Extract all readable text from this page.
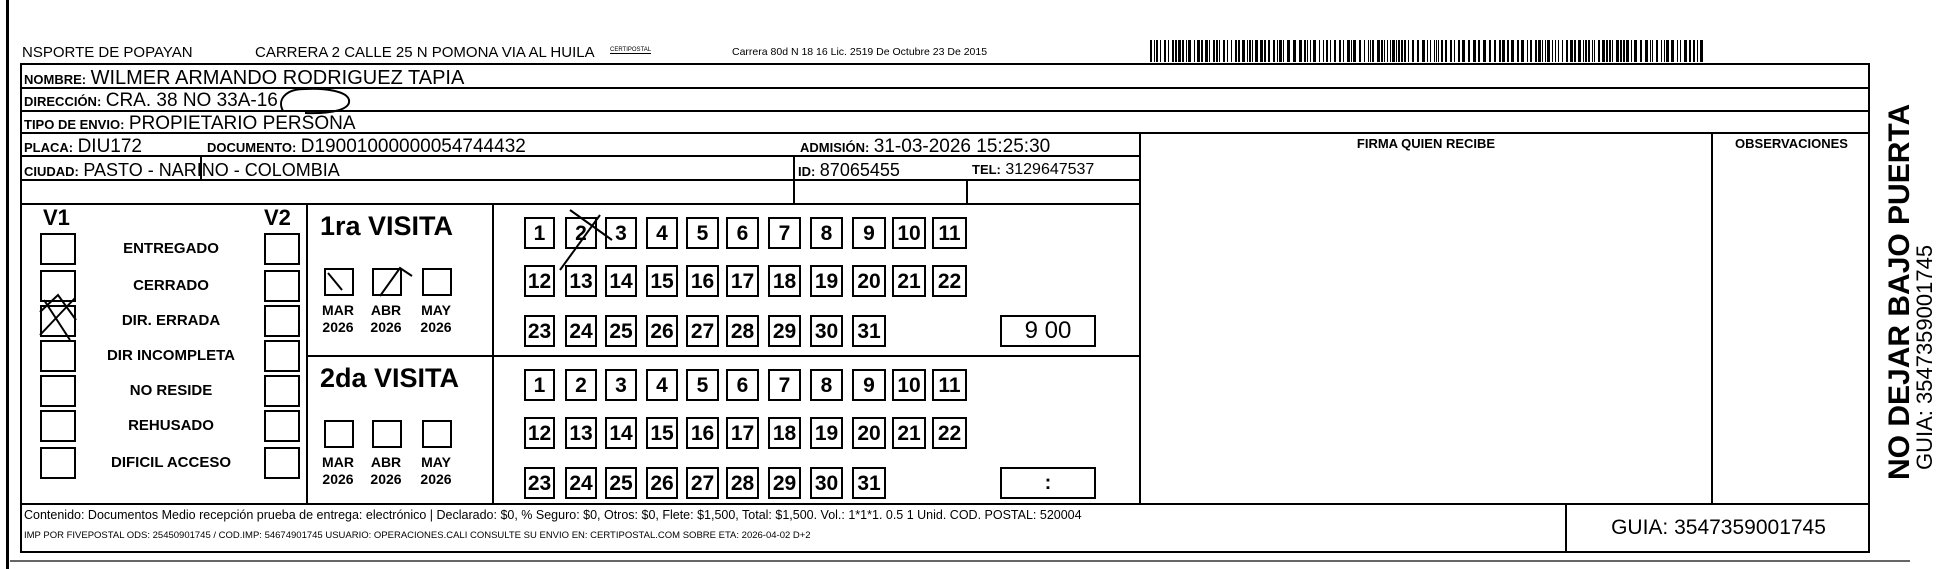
NSPORTE DE POPAYAN	CARRERA 2 CALLE 25 N POMONA VIA AL HUILA	CERTIPOSTAL	Carrera 80d N 18 16 Lic. 2519 De Octubre 23 De 2015
NOMBRE: WILMER ARMANDO RODRIGUEZ TAPIA
DIRECCIÓN: CRA. 38 NO 33A-16
TIPO DE ENVIO: PROPIETARIO PERSONA
PLACA: DIU172	DOCUMENTO: D19001000000054744432	ADMISIÓN: 31-03-2026 15:25:30
CIUDAD: PASTO - NARINO - COLOMBIA	ID: 87065455	TEL: 3129647537
FIRMA QUIEN RECIBE	OBSERVACIONES
V1	V2
ENTREGADO
CERRADO
DIR. ERRADA
DIR INCOMPLETA
NO RESIDE
REHUSADO
DIFICIL ACCESO
1ra VISITA
MAR
2026
ABR
2026
MAY
2026
1	2	3	4	5	6	7	8	9	10 11
12 13 14 15 16 17 18 19 20 21 22
23 24 25 26 27 28 29 30 31	9 00
2da VISITA
MAR
2026
ABR
2026
MAY
2026
1	2	3	4	5	6	7	8	9	10 11
12 13 14 15 16 17 18 19 20 21 22
23 24 25 26 27 28 29 30 31	:
Contenido: Documentos Medio recepción prueba de entrega: electrónico | Declarado: $0, % Seguro: $0, Otros: $0, Flete: $1,500, Total: $1,500. Vol.: 1*1*1. 0.5 1 Unid. COD. POSTAL: 520004
IMP POR FIVEPOSTAL ODS: 25450901745 / COD.IMP: 54674901745 USUARIO: OPERACIONES.CALI CONSULTE SU ENVIO EN: CERTIPOSTAL.COM SOBRE ETA: 2026-04-02 D+2	GUIA: 3547359001745
NO DEJAR BAJO PUERTA
GUIA: 3547359001745
